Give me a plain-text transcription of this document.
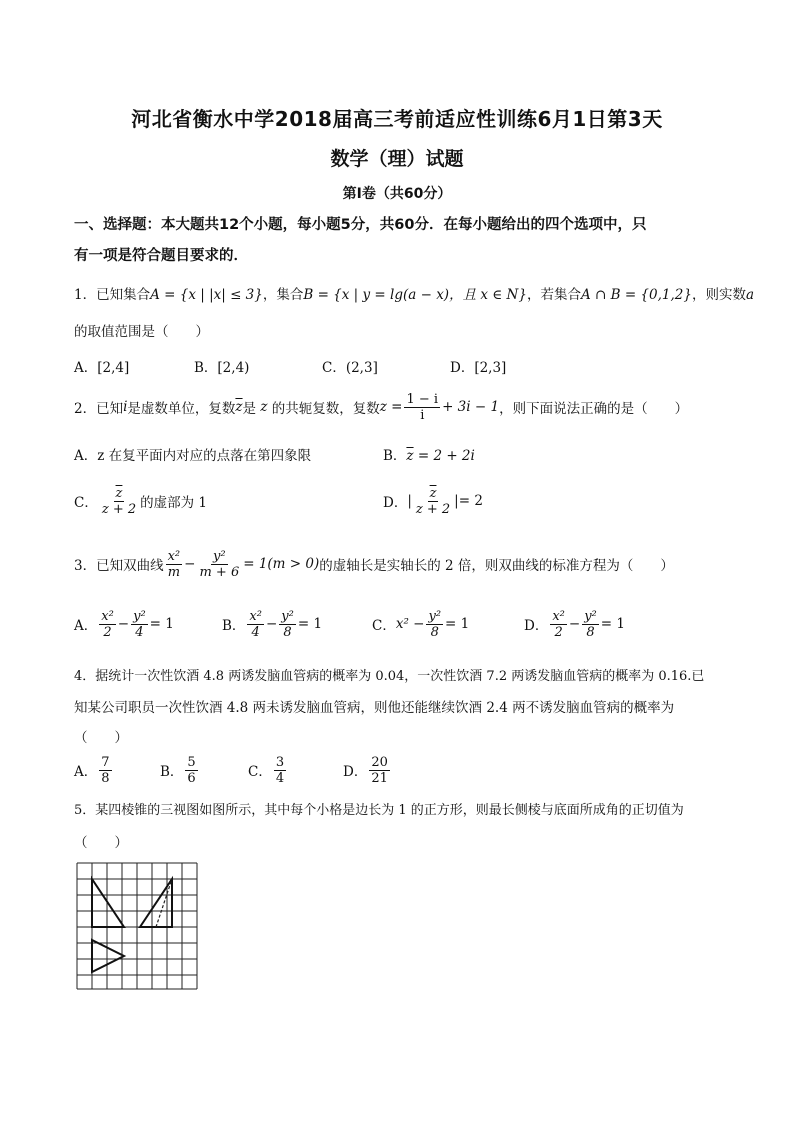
河北省衡水中学2018届高三考前适应性训练6月1日第3天
数学（理）试题
第Ⅰ卷（共60分）
一、选择题：本大题共12个小题，每小题5分，共60分．在每小题给出的四个选项中，只
有一项是符合题目要求的．
1．已知集合A = {x | |x| ≤ 3}，集合B = {x | y = lg(a − x)，且 x ∈ N}，若集合A ∩ B = {0,1,2}，则实数a
的取值范围是（　　）
A．[2,4]	B．[2,4)	C．(2,3]	D．[2,3]
2．已知 i 是虚数单位，复数 $\overline{z}$ 是
z
的共轭复数，复数 $z = \frac{1 - i}{i} + 3i - 1$ ，则下面说法正确的是（　　）
A．z 在复平面内对应的点落在第四象限	B．$\overline{z} = 2 + 2i$
C． $\frac{\overline{z}}{z + 2}$ 的虚部为 1	D． | $\frac{\overline{z}}{z + 2}$ |= 2
3．已知双曲线 $\frac{\text{x²}}{m} - \frac{\text{y²}}{m + 6} = 1(m > 0)$ 的虚轴长是实轴长的 2 倍，则双曲线的标准方程为（　　）
A． $\frac{\text{x²}}{2} - \frac{\text{y²}}{4} = 1$	B． $\frac{\text{x²}}{4} - \frac{\text{y²}}{8} = 1$	C． $x^2 - \frac{\text{y²}}{8} = 1$	D． $\frac{\text{x²}}{2} - \frac{\text{y²}}{8} = 1$
4．据统计一次性饮酒 4.8 两诱发脑血管病的概率为 0.04，一次性饮酒 7.2 两诱发脑血管病的概率为 0.16.已
知某公司职员一次性饮酒 4.8 两未诱发脑血管病，则他还能继续饮酒 2.4 两不诱发脑血管病的概率为
（　　）
A． $\frac{7}{8}$	B． $\frac{5}{6}$	C． $\frac{3}{4}$	D． $\frac{20}{21}$
5．某四棱锥的三视图如图所示，其中每个小格是边长为 1 的正方形，则最长侧棱与底面所成角的正切值为
（　　）
